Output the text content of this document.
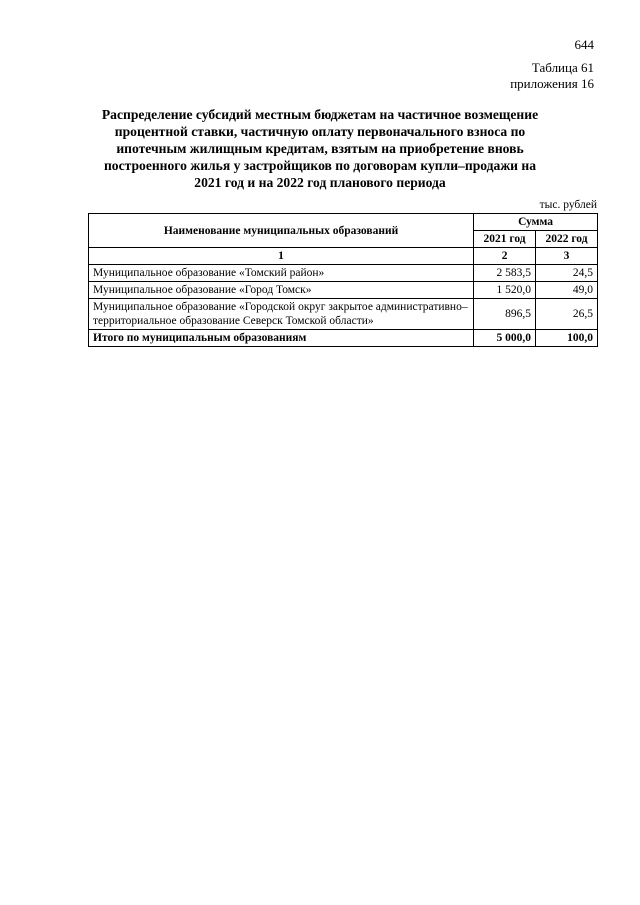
644
Таблица 61
приложения 16
Распределение субсидий местным бюджетам на частичное возмещение процентной ставки, частичную оплату первоначального взноса по ипотечным жилищным кредитам, взятым на приобретение вновь построенного жилья у застройщиков по договорам купли–продажи на 2021 год и на 2022 год планового периода
тыс. рублей
Наименование муниципальных образований	Сумма	
	2021 год	2022 год
1	2	3
Муниципальное образование «Томский район»	2 583,5	24,5
Муниципальное образование «Город Томск»	1 520,0	49,0
Муниципальное образование «Городской округ закрытое административно–территориальное образование Северск Томской области»	896,5	26,5
Итого по муниципальным образованиям	5 000,0	100,0
